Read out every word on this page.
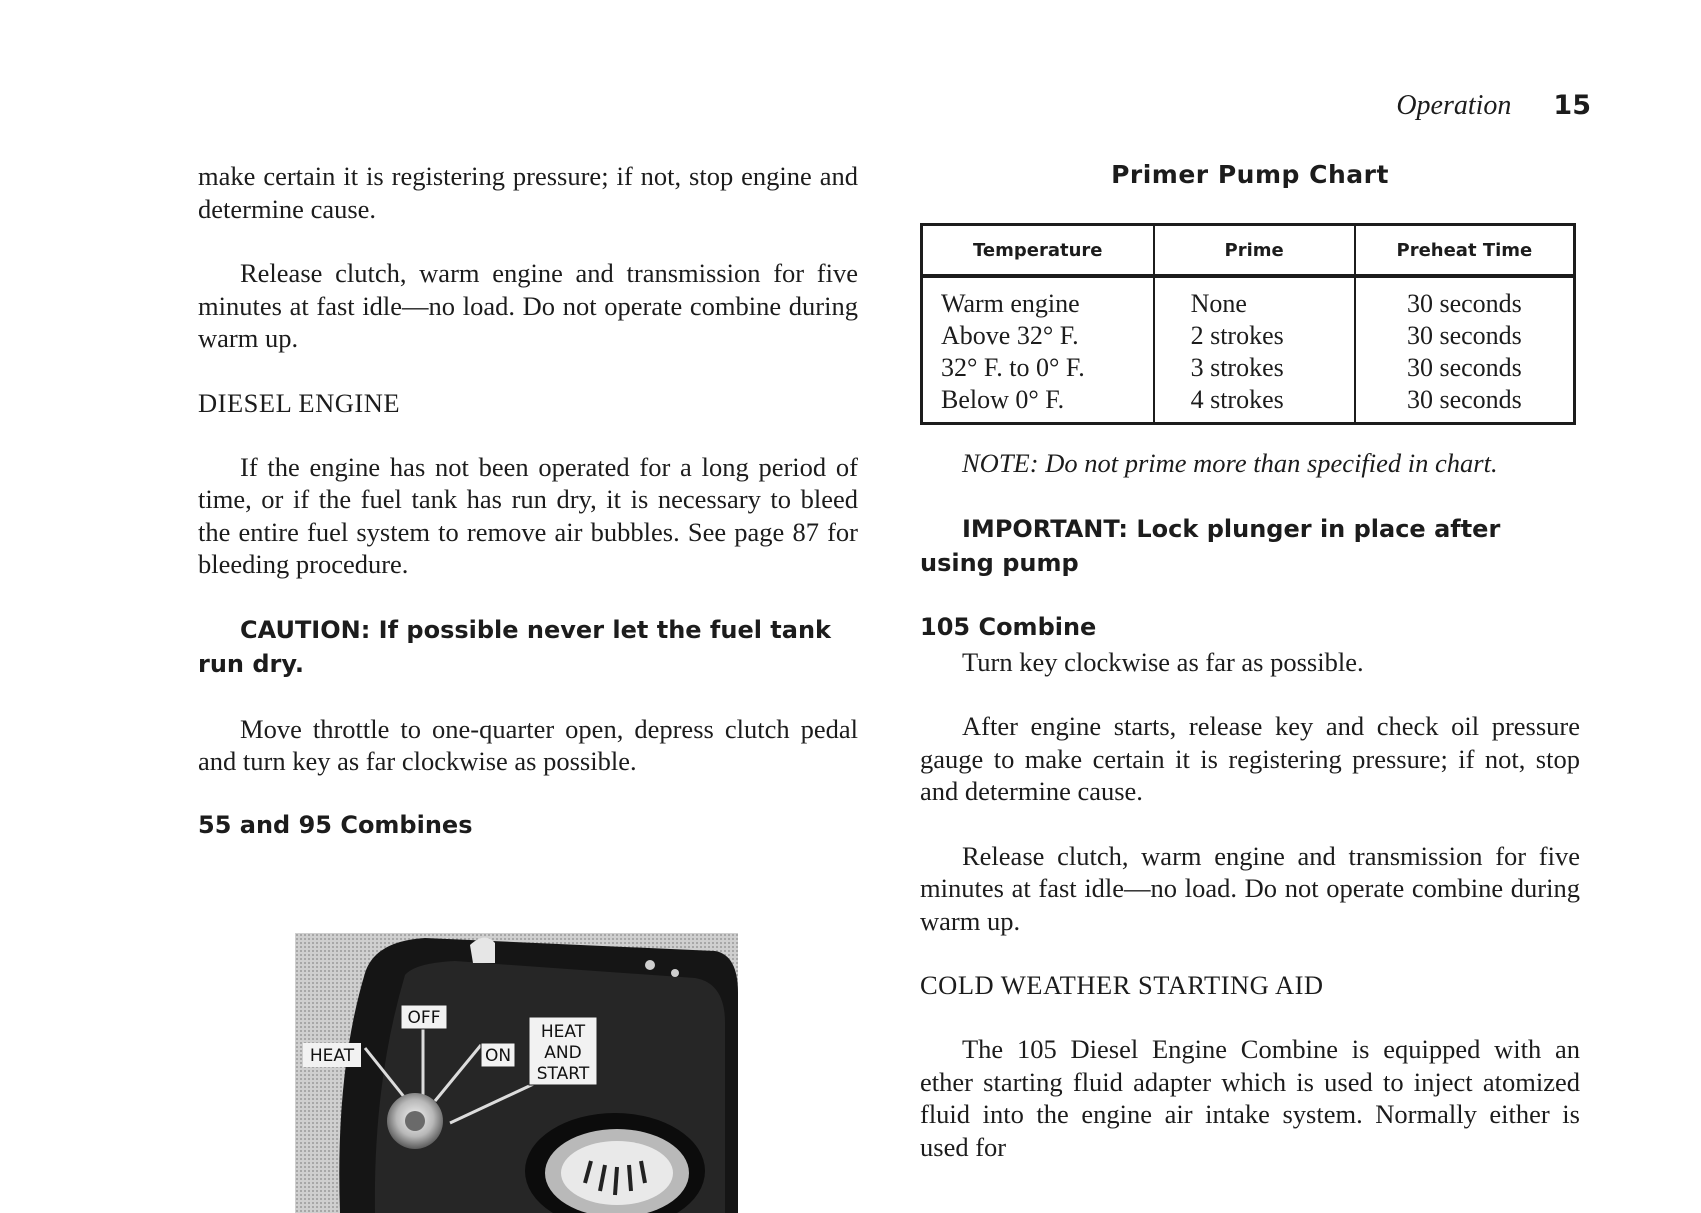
Operation 15

make certain it is registering pressure; if not, stop engine and determine cause.

Release clutch, warm engine and transmission for five minutes at fast idle—no load. Do not operate combine during warm up.

DIESEL ENGINE

If the engine has not been operated for a long period of time, or if the fuel tank has run dry, it is necessary to bleed the entire fuel system to remove air bubbles. See page 87 for bleeding procedure.

CAUTION: If possible never let the fuel tank run dry.

Move throttle to one-quarter open, depress clutch pedal and turn key as far clockwise as possible.

55 and 95 Combines
OFF
HEAT	ON
HEAT
AND
START
Primer Pump Chart
Temperature	Prime	Preheat Time
Warm engine	None	30 seconds
Above 32° F.	2 strokes	30 seconds
32° F. to 0° F.	3 strokes	30 seconds
Below 0° F.	4 strokes	30 seconds

NOTE: Do not prime more than specified in chart.

IMPORTANT: Lock plunger in place after using pump
105 Combine

Turn key clockwise as far as possible.

After engine starts, release key and check oil pressure gauge to make certain it is registering pressure; if not, stop and determine cause.

Release clutch, warm engine and transmission for five minutes at fast idle—no load. Do not operate combine during warm up.

COLD WEATHER STARTING AID

The 105 Diesel Engine Combine is equipped with an ether starting fluid adapter which is used to inject atomized fluid into the engine air intake system. Normally either is used for
